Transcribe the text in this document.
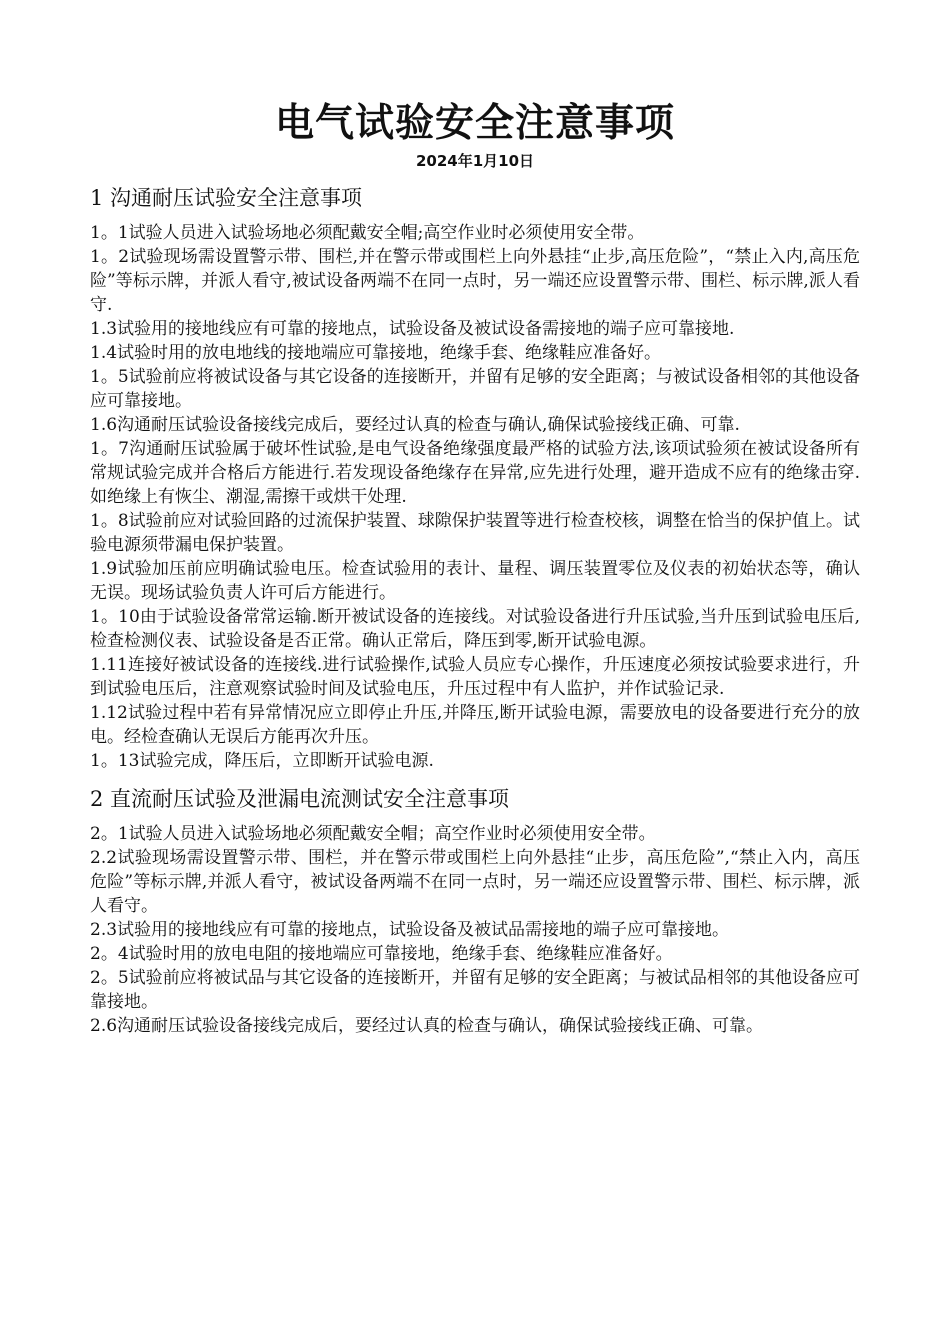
电气试验安全注意事项

2024年1月10日

1 沟通耐压试验安全注意事项
1。1试验人员进入试验场地必须配戴安全帽;高空作业时必须使用安全带。
1。2试验现场需设置警示带、围栏,并在警示带或围栏上向外悬挂“止步,高压危险”，“禁止入内,高压危险”等标示牌，并派人看守,被试设备两端不在同一点时，另一端还应设置警示带、围栏、标示牌,派人看守.
1.3试验用的接地线应有可靠的接地点，试验设备及被试设备需接地的端子应可靠接地.
1.4试验时用的放电地线的接地端应可靠接地，绝缘手套、绝缘鞋应准备好。
1。5试验前应将被试设备与其它设备的连接断开，并留有足够的安全距离；与被试设备相邻的其他设备应可靠接地。
1.6沟通耐压试验设备接线完成后，要经过认真的检查与确认,确保试验接线正确、可靠.
1。7沟通耐压试验属于破坏性试验,是电气设备绝缘强度最严格的试验方法,该项试验须在被试设备所有常规试验完成并合格后方能进行.若发现设备绝缘存在异常,应先进行处理，避开造成不应有的绝缘击穿.如绝缘上有恢尘、潮湿,需擦干或烘干处理.
1。8试验前应对试验回路的过流保护装置、球隙保护装置等进行检查校核，调整在恰当的保护值上。试验电源须带漏电保护装置。
1.9试验加压前应明确试验电压。检查试验用的表计、量程、调压装置零位及仪表的初始状态等，确认无误。现场试验负责人许可后方能进行。
1。10由于试验设备常常运输.断开被试设备的连接线。对试验设备进行升压试验,当升压到试验电压后,检查检测仪表、试验设备是否正常。确认正常后，降压到零,断开试验电源。
1.11连接好被试设备的连接线.进行试验操作,试验人员应专心操作，升压速度必须按试验要求进行，升到试验电压后，注意观察试验时间及试验电压，升压过程中有人监护，并作试验记录.
1.12试验过程中若有异常情况应立即停止升压,并降压,断开试验电源，需要放电的设备要进行充分的放电。经检查确认无误后方能再次升压。
1。13试验完成，降压后，立即断开试验电源.
2 直流耐压试验及泄漏电流测试安全注意事项
2。1试验人员进入试验场地必须配戴安全帽；高空作业时必须使用安全带。
2.2试验现场需设置警示带、围栏，并在警示带或围栏上向外悬挂“止步，高压危险”,“禁止入内，高压危险”等标示牌,并派人看守，被试设备两端不在同一点时，另一端还应设置警示带、围栏、标示牌，派人看守。
2.3试验用的接地线应有可靠的接地点，试验设备及被试品需接地的端子应可靠接地。
2。4试验时用的放电电阻的接地端应可靠接地，绝缘手套、绝缘鞋应准备好。
2。5试验前应将被试品与其它设备的连接断开，并留有足够的安全距离；与被试品相邻的其他设备应可靠接地。
2.6沟通耐压试验设备接线完成后，要经过认真的检查与确认，确保试验接线正确、可靠。
